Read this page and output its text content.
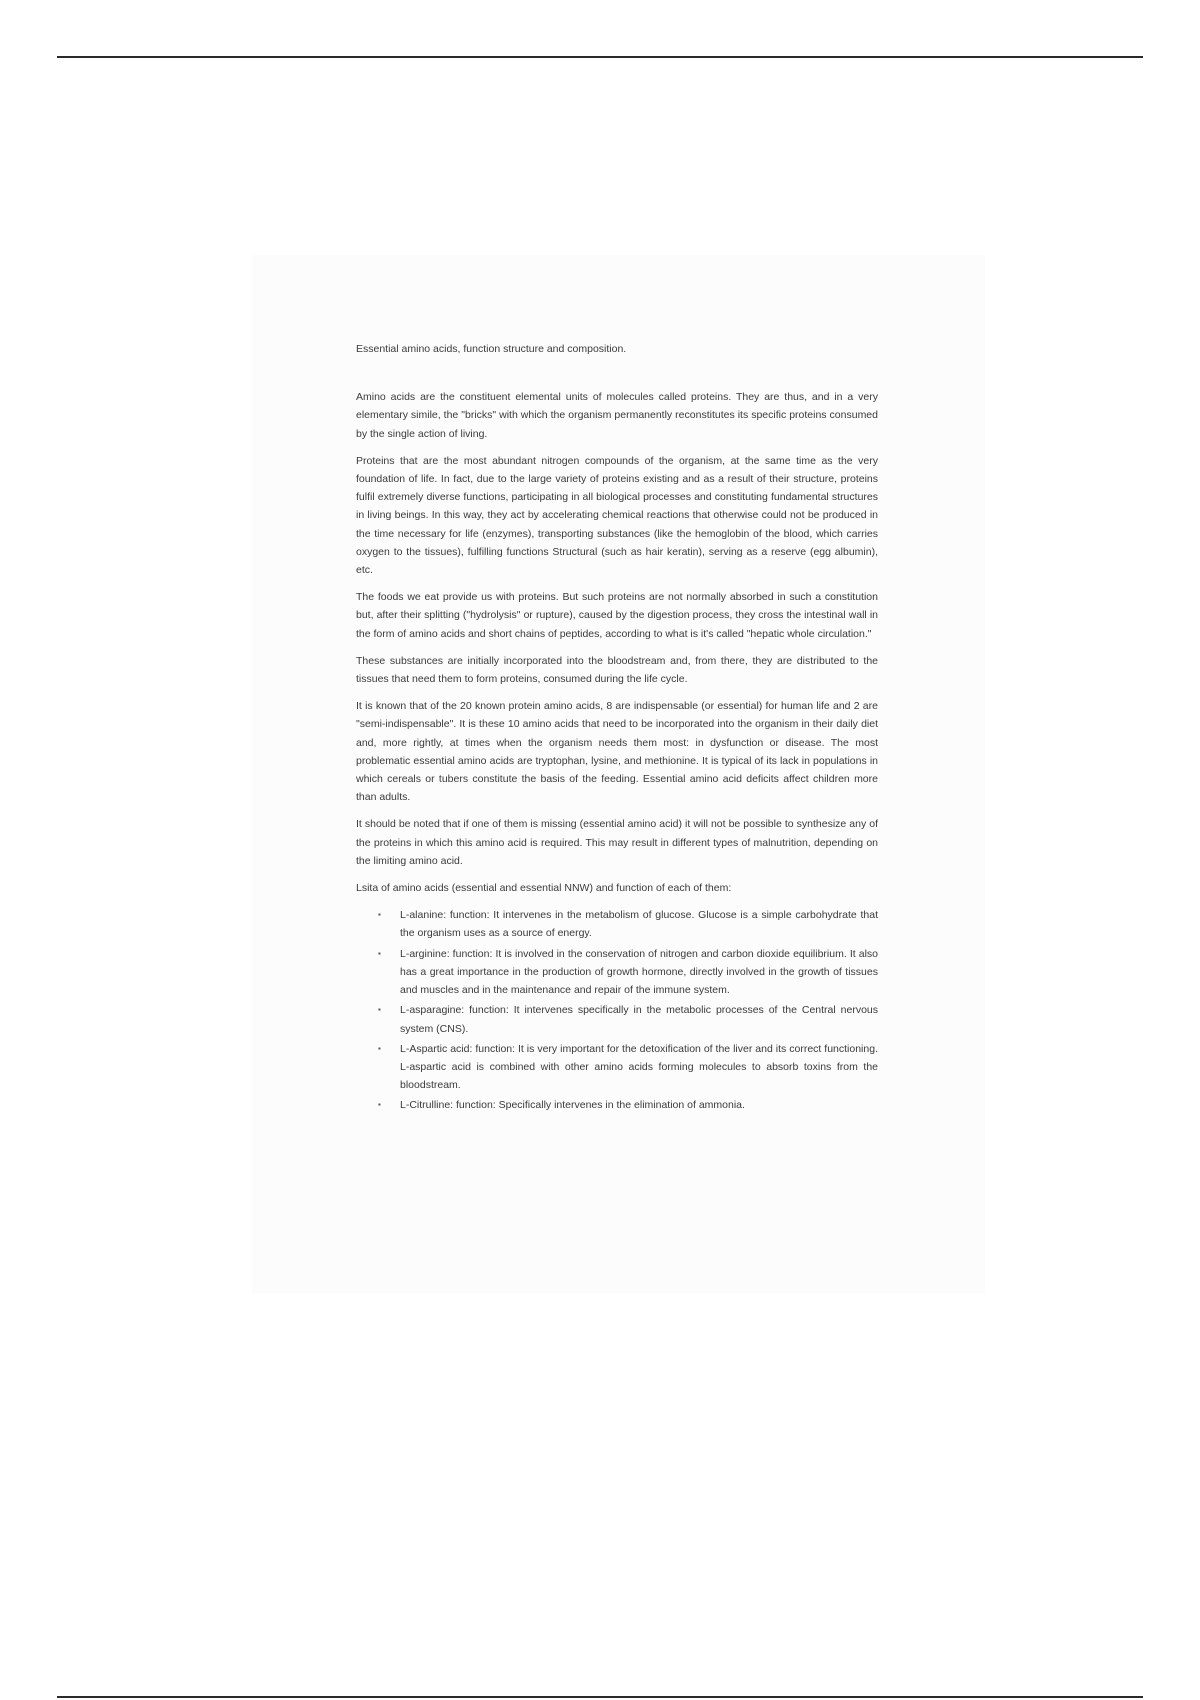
Essential amino acids, function structure and composition.

Amino acids are the constituent elemental units of molecules called proteins. They are thus, and in a very elementary simile, the "bricks" with which the organism permanently reconstitutes its specific proteins consumed by the single action of living.

Proteins that are the most abundant nitrogen compounds of the organism, at the same time as the very foundation of life. In fact, due to the large variety of proteins existing and as a result of their structure, proteins fulfil extremely diverse functions, participating in all biological processes and constituting fundamental structures in living beings. In this way, they act by accelerating chemical reactions that otherwise could not be produced in the time necessary for life (enzymes), transporting substances (like the hemoglobin of the blood, which carries oxygen to the tissues), fulfilling functions Structural (such as hair keratin), serving as a reserve (egg albumin), etc.

The foods we eat provide us with proteins. But such proteins are not normally absorbed in such a constitution but, after their splitting ("hydrolysis" or rupture), caused by the digestion process, they cross the intestinal wall in the form of amino acids and short chains of peptides, according to what is it's called "hepatic whole circulation."

These substances are initially incorporated into the bloodstream and, from there, they are distributed to the tissues that need them to form proteins, consumed during the life cycle.

It is known that of the 20 known protein amino acids, 8 are indispensable (or essential) for human life and 2 are "semi-indispensable". It is these 10 amino acids that need to be incorporated into the organism in their daily diet and, more rightly, at times when the organism needs them most: in dysfunction or disease. The most problematic essential amino acids are tryptophan, lysine, and methionine. It is typical of its lack in populations in which cereals or tubers constitute the basis of the feeding. Essential amino acid deficits affect children more than adults.

It should be noted that if one of them is missing (essential amino acid) it will not be possible to synthesize any of the proteins in which this amino acid is required. This may result in different types of malnutrition, depending on the limiting amino acid.

Lsita of amino acids (essential and essential NNW) and function of each of them:

▪ L-alanine: function: It intervenes in the metabolism of glucose. Glucose is a simple carbohydrate that the organism uses as a source of energy.
▪ L-arginine: function: It is involved in the conservation of nitrogen and carbon dioxide equilibrium. It also has a great importance in the production of growth hormone, directly involved in the growth of tissues and muscles and in the maintenance and repair of the immune system.
▪ L-asparagine: function: It intervenes specifically in the metabolic processes of the Central nervous system (CNS).
▪ L-Aspartic acid: function: It is very important for the detoxification of the liver and its correct functioning. L-aspartic acid is combined with other amino acids forming molecules to absorb toxins from the bloodstream.
▪ L-Citrulline: function: Specifically intervenes in the elimination of ammonia.
